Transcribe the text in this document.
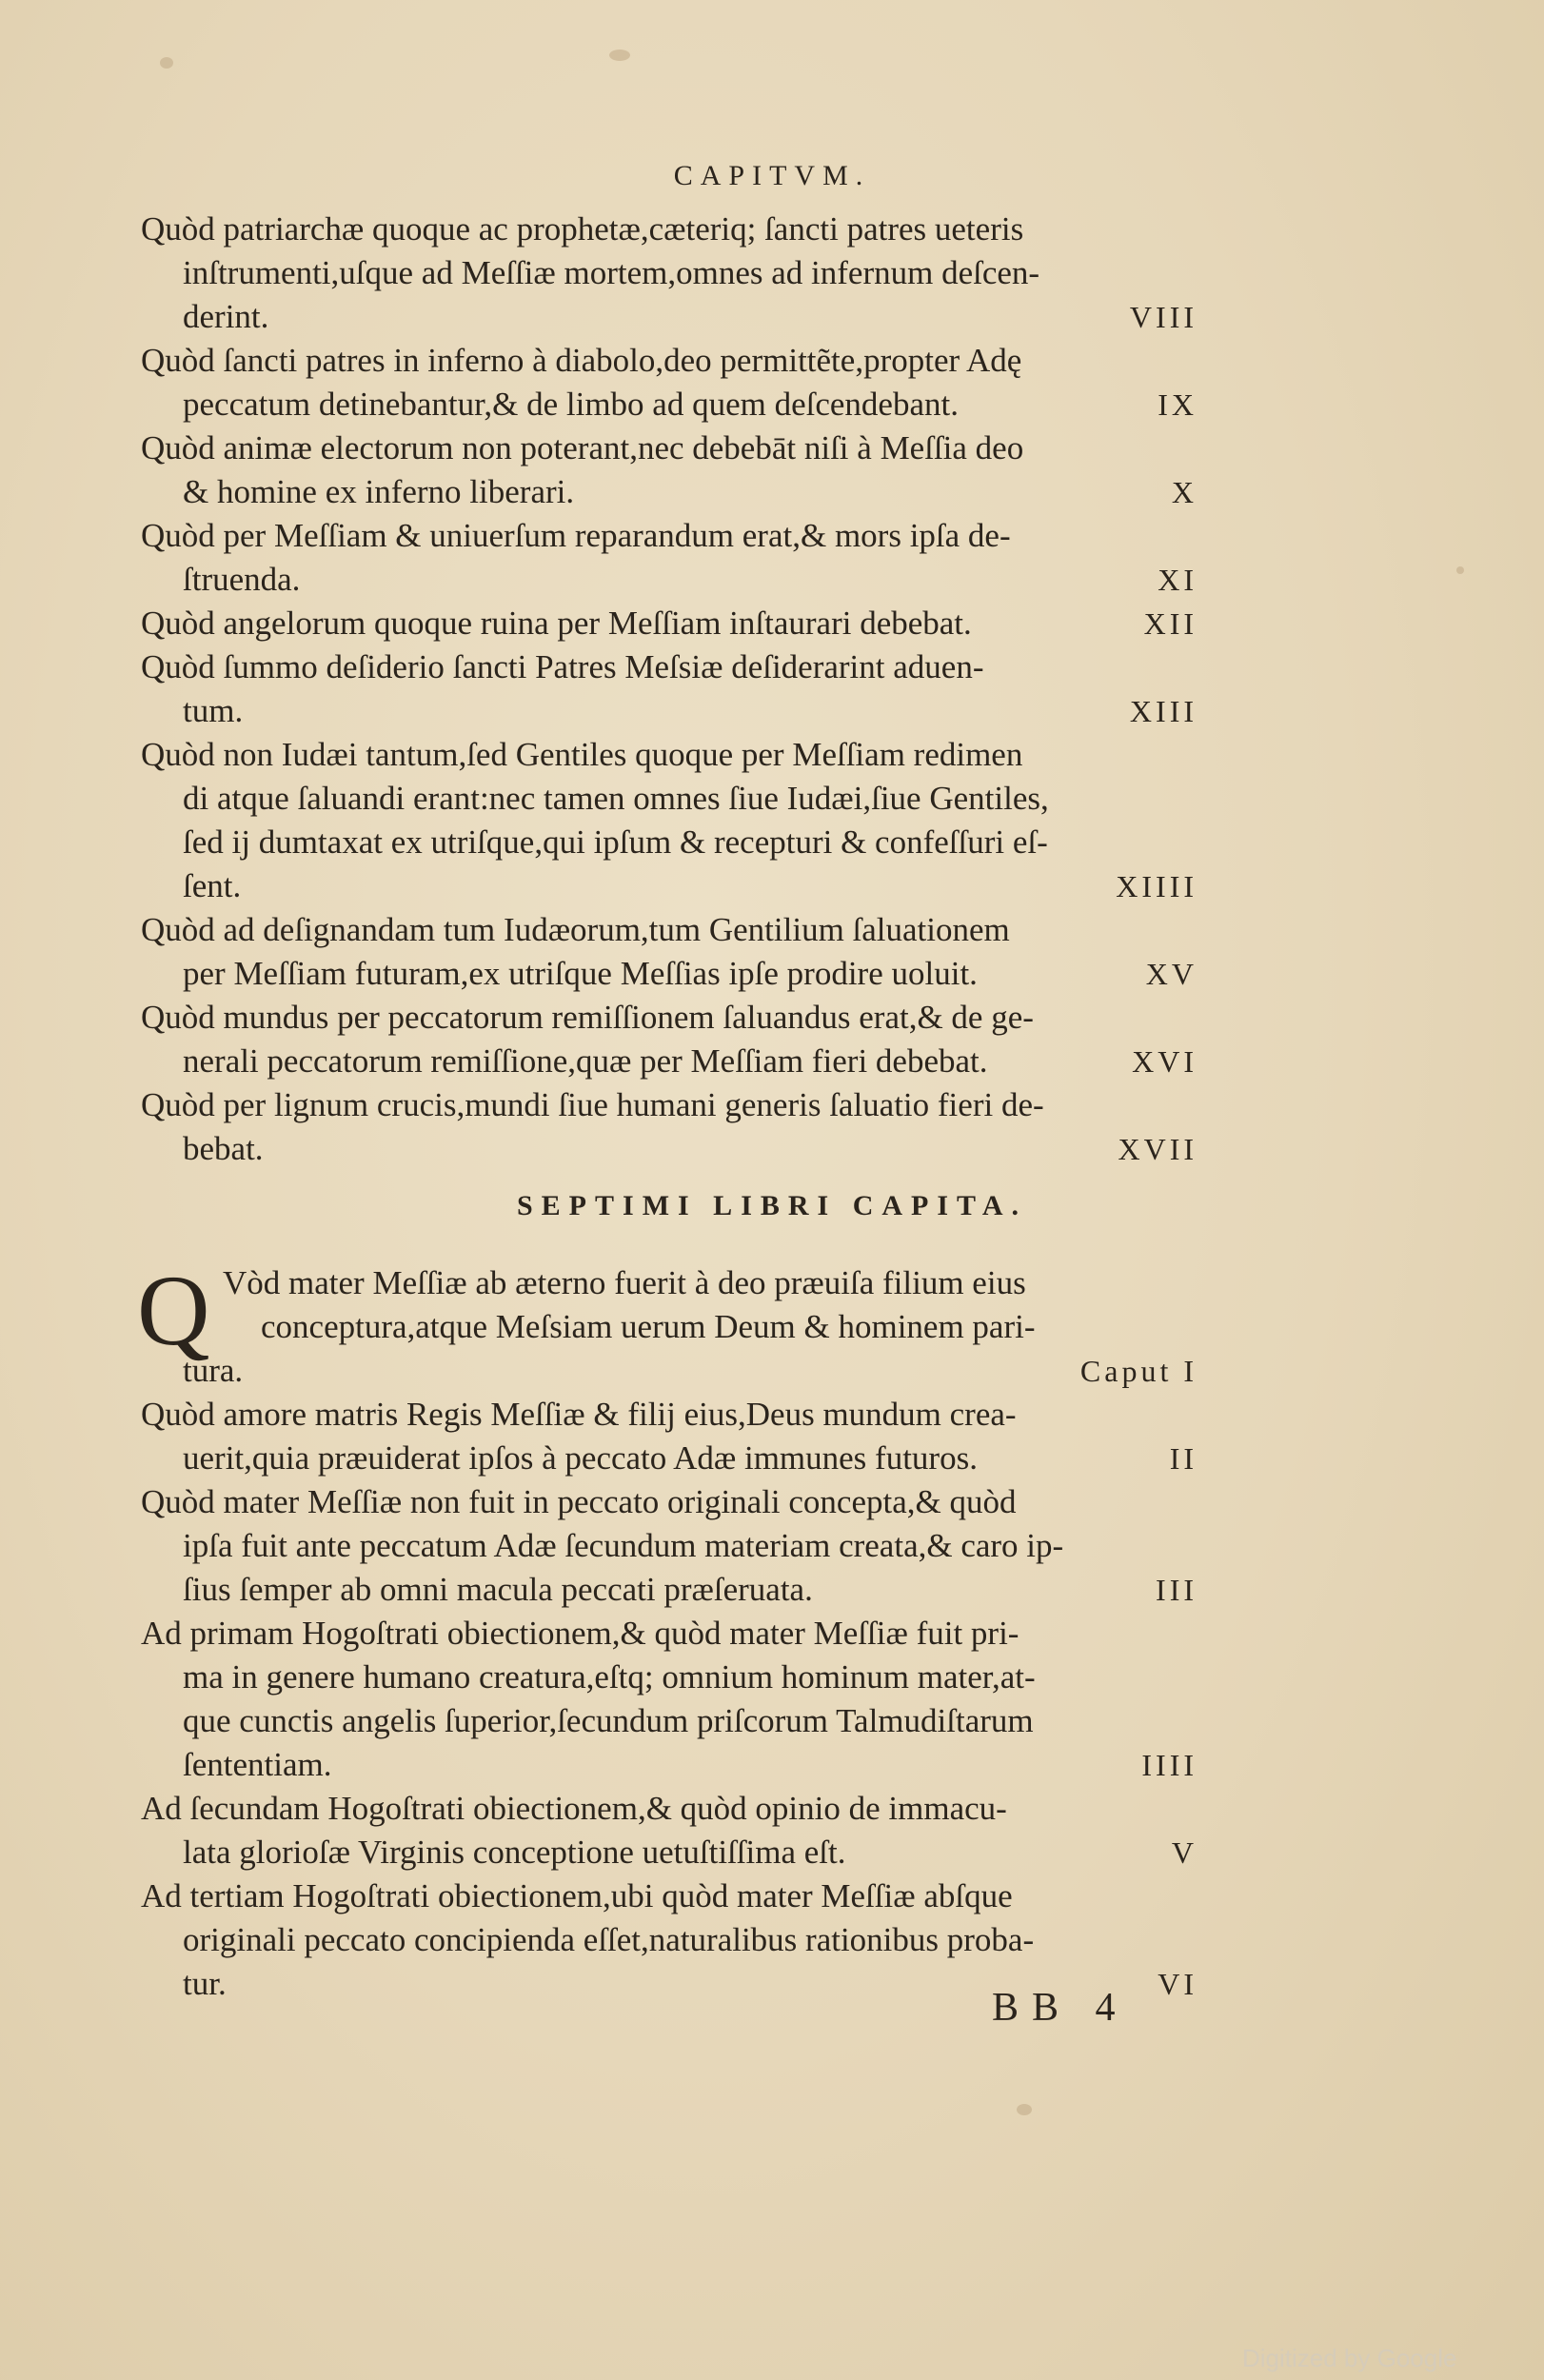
CAPITVM.
Quòd patriarchæ quoque ac prophetæ,cæteriq; ſancti patres ueteris
inſtrumenti,uſque ad Meſſiæ mortem,omnes ad infernum deſcen-
derint.	VIII
Quòd ſancti patres in inferno à diabolo,deo permittẽte,propter Adę
peccatum detinebantur,& de limbo ad quem deſcendebant.	IX
Quòd animæ electorum non poterant,nec debebāt niſi à Meſſia deo
& homine ex inferno liberari.	X
Quòd per Meſſiam & uniuerſum reparandum erat,& mors ipſa de-
ſtruenda.	XI
Quòd angelorum quoque ruina per Meſſiam inſtaurari debebat.	XII
Quòd ſummo deſiderio ſancti Patres Meſsiæ deſiderarint aduen-
tum.	XIII
Quòd non Iudæi tantum,ſed Gentiles quoque per Meſſiam redimen
di atque ſaluandi erant:nec tamen omnes ſiue Iudæi,ſiue Gentiles,
ſed ij dumtaxat ex utriſque,qui ipſum & recepturi & confeſſuri eſ-
ſent.	XIIII
Quòd ad deſignandam tum Iudæorum,tum Gentilium ſaluationem
per Meſſiam futuram,ex utriſque Meſſias ipſe prodire uoluit.	XV
Quòd mundus per peccatorum remiſſionem ſaluandus erat,& de ge-
nerali peccatorum remiſſione,quæ per Meſſiam fieri debebat.	XVI
Quòd per lignum crucis,mundi ſiue humani generis ſaluatio fieri de-
bebat.	XVII
SEPTIMI LIBRI CAPITA.
Q Vòd mater Meſſiæ ab æterno fuerit à deo præuiſa filium eius
conceptura,atque Meſsiam uerum Deum & hominem pari-
tura.	Caput I
Quòd amore matris Regis Meſſiæ & filij eius,Deus mundum crea-
uerit,quia præuiderat ipſos à peccato Adæ immunes futuros.	II
Quòd mater Meſſiæ non fuit in peccato originali concepta,& quòd
ipſa fuit ante peccatum Adæ ſecundum materiam creata,& caro ip-
ſius ſemper ab omni macula peccati præſeruata.	III
Ad primam Hogoſtrati obiectionem,& quòd mater Meſſiæ fuit pri-
ma in genere humano creatura,eſtq; omnium hominum mater,at-
que cunctis angelis ſuperior,ſecundum priſcorum Talmudiſtarum
ſententiam.	IIII
Ad ſecundam Hogoſtrati obiectionem,& quòd opinio de immacu-
lata glorioſæ Virginis conceptione uetuſtiſſima eſt.	V
Ad tertiam Hogoſtrati obiectionem,ubi quòd mater Meſſiæ abſque
originali peccato concipienda eſſet,naturalibus rationibus proba-
tur.	VI
BB 4
Digitized by Google
